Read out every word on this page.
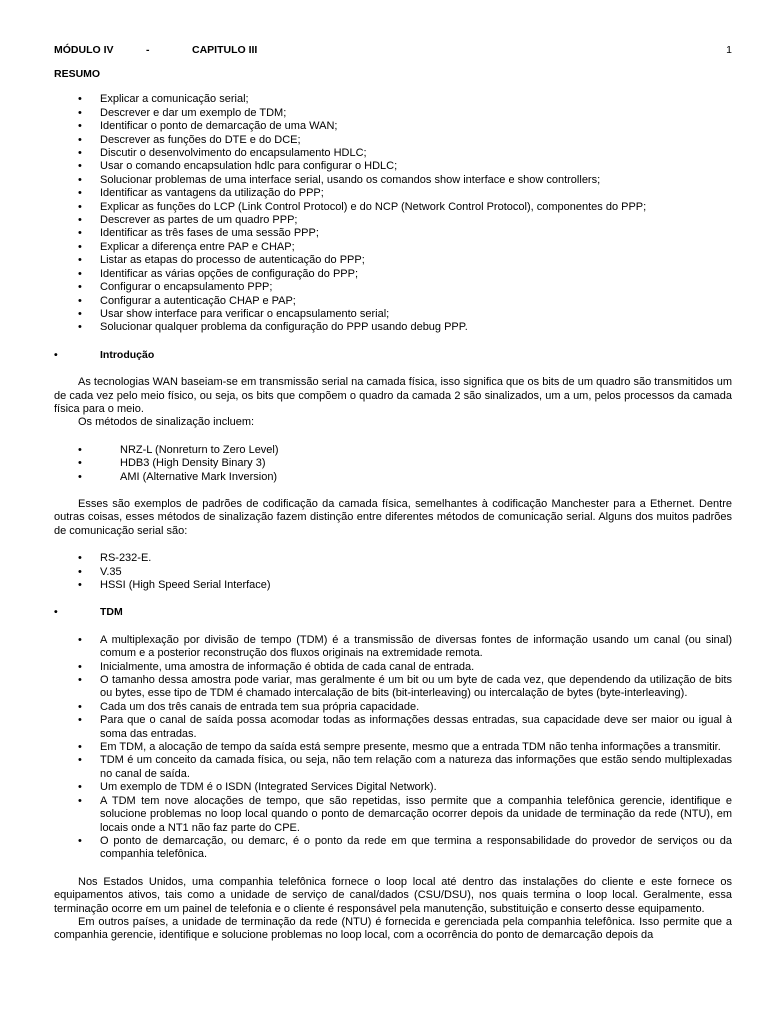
MÓDULO IV	-	CAPITULO III	1
RESUMO
• Explicar a comunicação serial;
• Descrever e dar um exemplo de TDM;
• Identificar o ponto de demarcação de uma WAN;
• Descrever as funções do DTE e do DCE;
• Discutir o desenvolvimento do encapsulamento HDLC;
• Usar o comando encapsulation hdlc para configurar o HDLC;
• Solucionar problemas de uma interface serial, usando os comandos show interface e show controllers;
• Identificar as vantagens da utilização do PPP;
• Explicar as funções do LCP (Link Control Protocol) e do NCP (Network Control Protocol), componentes do PPP;
• Descrever as partes de um quadro PPP;
• Identificar as três fases de uma sessão PPP;
• Explicar a diferença entre PAP e CHAP;
• Listar as etapas do processo de autenticação do PPP;
• Identificar as várias opções de configuração do PPP;
• Configurar o encapsulamento PPP;
• Configurar a autenticação CHAP e PAP;
• Usar show interface para verificar o encapsulamento serial;
• Solucionar qualquer problema da configuração do PPP usando debug PPP.
•	Introdução

As tecnologias WAN baseiam-se em transmissão serial na camada física, isso significa que os bits de um quadro são transmitidos um de cada vez pelo meio físico, ou seja, os bits que compõem o quadro da camada 2 são sinalizados, um a um, pelos processos da camada física para o meio.

Os métodos de sinalização incluem:

•	NRZ-L (Nonreturn to Zero Level)
•	HDB3 (High Density Binary 3)
•	AMI (Alternative Mark Inversion)

Esses são exemplos de padrões de codificação da camada física, semelhantes à codificação Manchester para a Ethernet. Dentre outras coisas, esses métodos de sinalização fazem distinção entre diferentes métodos de comunicação serial. Alguns dos muitos padrões de comunicação serial são:

• RS-232-E.
• V.35
• HSSI (High Speed Serial Interface)
•	TDM
• A multiplexação por divisão de tempo (TDM) é a transmissão de diversas fontes de informação usando um canal (ou sinal) comum e a posterior reconstrução dos fluxos originais na extremidade remota.
• Inicialmente, uma amostra de informação é obtida de cada canal de entrada.
• O tamanho dessa amostra pode variar, mas geralmente é um bit ou um byte de cada vez, que dependendo da utilização de bits ou bytes, esse tipo de TDM é chamado intercalação de bits (bit-interleaving) ou intercalação de bytes (byte-interleaving).
• Cada um dos três canais de entrada tem sua própria capacidade.
• Para que o canal de saída possa acomodar todas as informações dessas entradas, sua capacidade deve ser maior ou igual à soma das entradas.
• Em TDM, a alocação de tempo da saída está sempre presente, mesmo que a entrada TDM não tenha informações a transmitir.
• TDM é um conceito da camada física, ou seja, não tem relação com a natureza das informações que estão sendo multiplexadas no canal de saída.
• Um exemplo de TDM é o ISDN (Integrated Services Digital Network).
• A TDM tem nove alocações de tempo, que são repetidas, isso permite que a companhia telefônica gerencie, identifique e solucione problemas no loop local quando o ponto de demarcação ocorrer depois da unidade de terminação da rede (NTU), em locais onde a NT1 não faz parte do CPE.
• O ponto de demarcação, ou demarc, é o ponto da rede em que termina a responsabilidade do provedor de serviços ou da companhia telefônica.

Nos Estados Unidos, uma companhia telefônica fornece o loop local até dentro das instalações do cliente e este fornece os equipamentos ativos, tais como a unidade de serviço de canal/dados (CSU/DSU), nos quais termina o loop local. Geralmente, essa terminação ocorre em um painel de telefonia e o cliente é responsável pela manutenção, substituição e conserto desse equipamento.

Em outros países, a unidade de terminação da rede (NTU) é fornecida e gerenciada pela companhia telefônica. Isso permite que a companhia gerencie, identifique e solucione problemas no loop local, com a ocorrência do ponto de demarcação depois da
